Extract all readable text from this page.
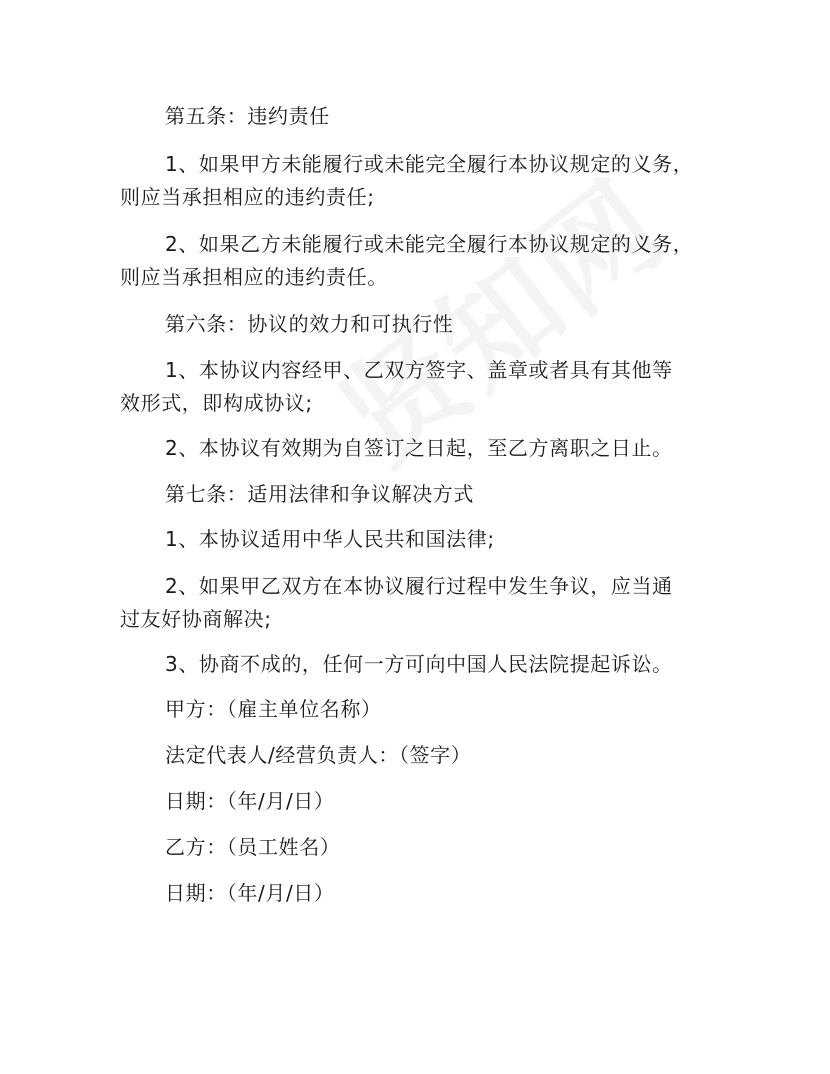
第五条：违约责任
1、如果甲方未能履行或未能完全履行本协议规定的义务，
则应当承担相应的违约责任;
2、如果乙方未能履行或未能完全履行本协议规定的义务，
则应当承担相应的违约责任。
第六条：协议的效力和可执行性
1、本协议内容经甲、乙双方签字、盖章或者具有其他等
效形式，即构成协议;
2、本协议有效期为自签订之日起，至乙方离职之日止。
第七条：适用法律和争议解决方式
1、本协议适用中华人民共和国法律;
2、如果甲乙双方在本协议履行过程中发生争议，应当通
过友好协商解决;
3、协商不成的，任何一方可向中国人民法院提起诉讼。
甲方：（雇主单位名称）
法定代表人/经营负责人：（签字）
日期：（年/月/日）
乙方：（员工姓名）
日期：（年/月/日）
